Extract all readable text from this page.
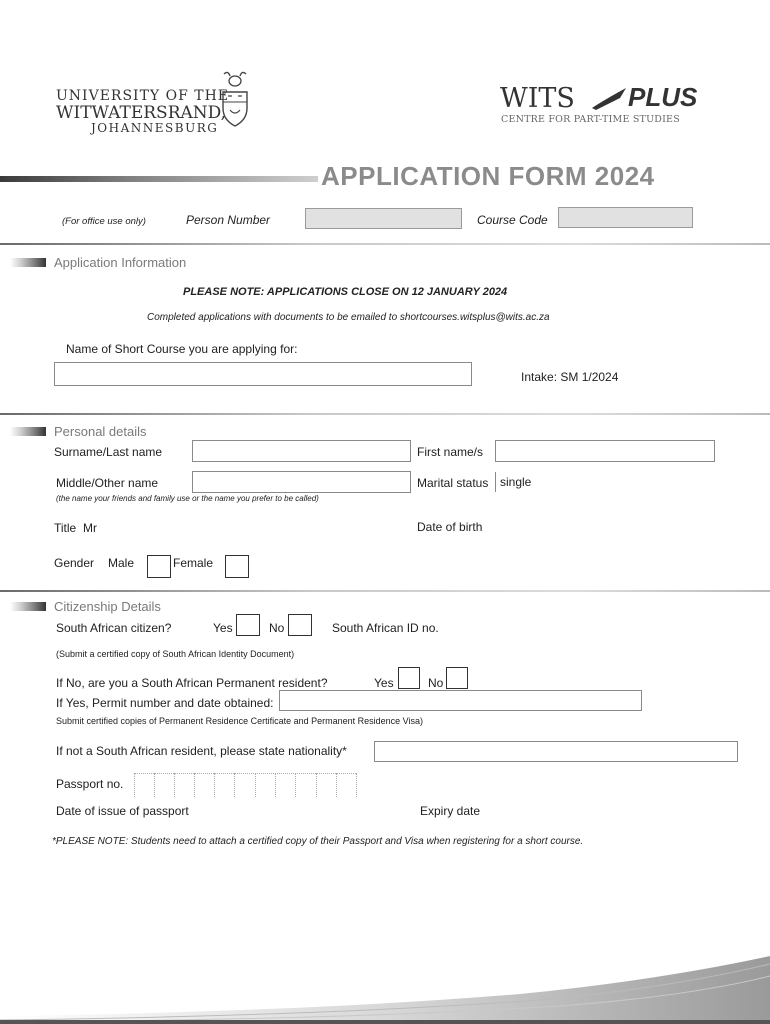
UNIVERSITY OF THE
WITWATERSRAND,
JOHANNESBURG
WITS PLUS
CENTRE FOR PART-TIME STUDIES
APPLICATION FORM 2024
(For office use only)	Person Number	Course Code
Application Information
PLEASE NOTE: APPLICATIONS CLOSE ON 12 JANUARY 2024
Completed applications with documents to be emailed to shortcourses.witsplus@wits.ac.za
Name of Short Course you are applying for:
Intake: SM 1/2024
Personal details
Surname/Last name	First name/s
Middle/Other name
(the name your friends and family use or the name you prefer to be called)
Marital status single
Title Mr	Date of birth
Gender Male	Female
Citizenship Details
South African citizen?	Yes	No	South African ID no.
(Submit a certified copy of South African Identity Document)
If No, are you a South African Permanent resident?	Yes	No
If Yes, Permit number and date obtained:
Submit certified copies of Permanent Residence Certificate and Permanent Residence Visa)
If not a South African resident, please state nationality*
Passport no.
Date of issue of passport	Expiry date
*PLEASE NOTE: Students need to attach a certified copy of their Passport and Visa when registering for a short course.
